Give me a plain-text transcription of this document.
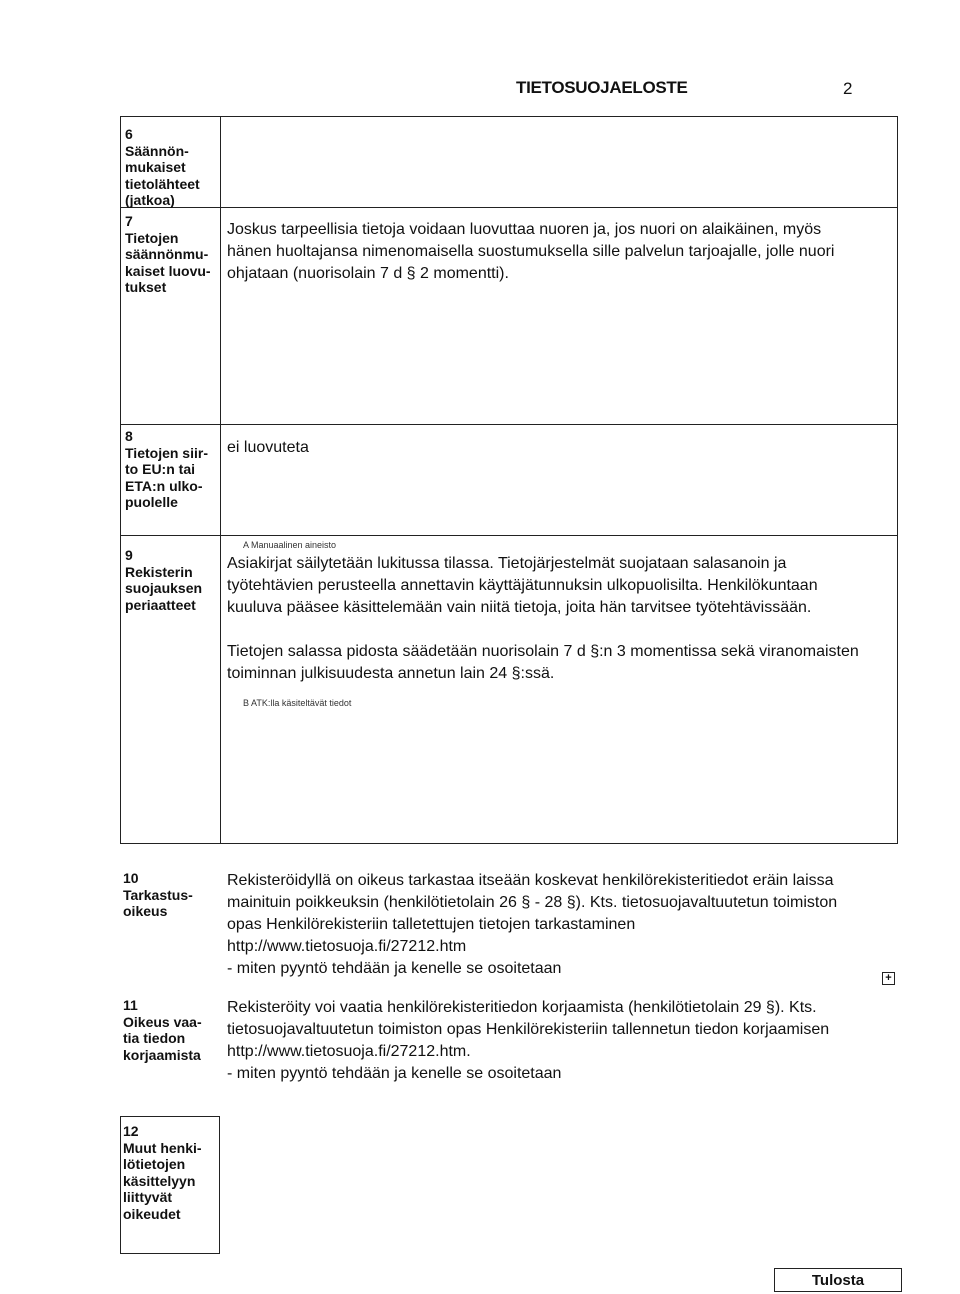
TIETOSUOJAELOSTE	2
6
Säännön-
mukaiset
tietolähteet
(jatkoa)
7
Tietojen
säännönmu-
kaiset luovu-
tukset
Joskus tarpeellisia tietoja voidaan luovuttaa nuoren ja, jos nuori on alaikäinen, myös
hänen huoltajansa nimenomaisella suostumuksella sille palvelun tarjoajalle, jolle nuori
ohjataan (nuorisolain 7 d § 2 momentti).
8
Tietojen siir-
to EU:n tai
ETA:n ulko-
puolelle
ei luovuteta
9
Rekisterin
suojauksen
periaatteet
A Manuaalinen aineisto
Asiakirjat säilytetään lukitussa tilassa. Tietojärjestelmät suojataan salasanoin ja
työtehtävien perusteella annettavin käyttäjätunnuksin ulkopuolisilta. Henkilökuntaan
kuuluva pääsee käsittelemään vain niitä tietoja, joita hän tarvitsee työtehtävissään.
Tietojen salassa pidosta säädetään nuorisolain 7 d §:n 3 momentissa sekä viranomaisten
toiminnan julkisuudesta annetun lain 24 §:ssä.
B ATK:lla käsiteltävät tiedot
10
Tarkastus-
oikeus
Rekisteröidyllä on oikeus tarkastaa itseään koskevat henkilörekisteritiedot eräin laissa
mainituin poikkeuksin (henkilötietolain 26 § - 28 §). Kts. tietosuojavaltuutetun toimiston
opas Henkilörekisteriin talletettujen tietojen tarkastaminen
http://www.tietosuoja.fi/27212.htm
- miten pyyntö tehdään ja kenelle se osoitetaan
+
11
Oikeus vaa-
tia tiedon
korjaamista
Rekisteröity voi vaatia henkilörekisteritiedon korjaamista (henkilötietolain 29 §). Kts.
tietosuojavaltuutetun toimiston opas Henkilörekisteriin tallennetun tiedon korjaamisen
http://www.tietosuoja.fi/27212.htm.
- miten pyyntö tehdään ja kenelle se osoitetaan
12
Muut henki-
lötietojen
käsittelyyn
liittyvät
oikeudet
Tulosta
